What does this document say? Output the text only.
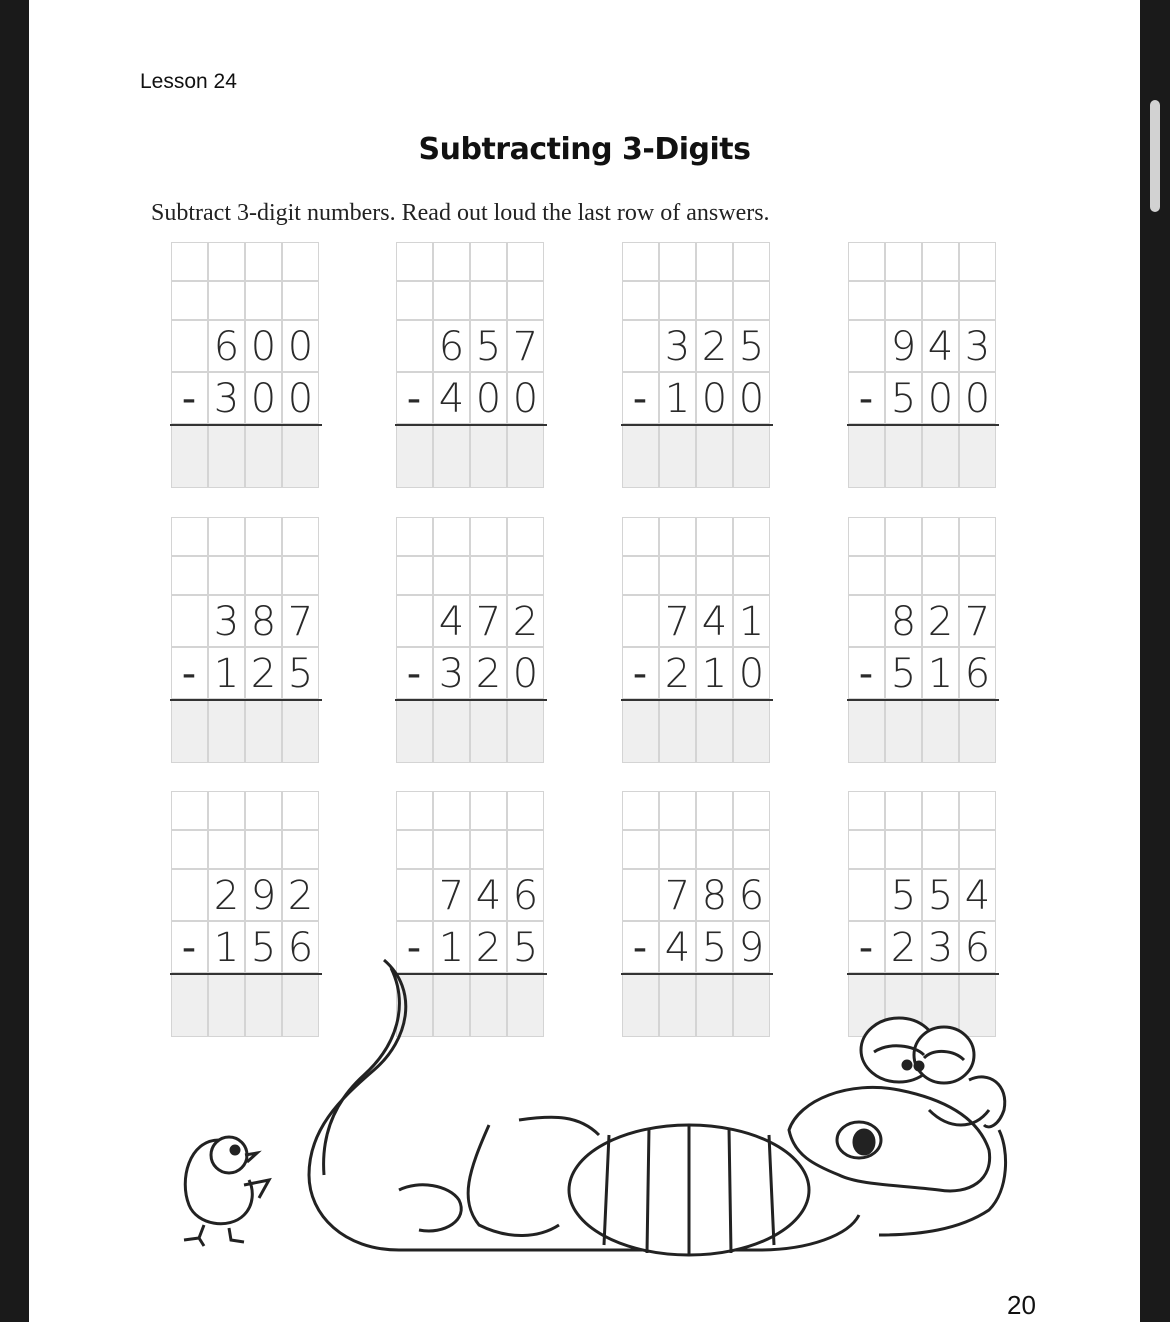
Lesson 24
Subtracting 3-Digits
Subtract 3-digit numbers. Read out loud the last row of answers.
6 0 0
- 3 0 0
6 5 7
- 4 0 0
3 2 5
- 1 0 0
9 4 3
- 5 0 0
3 8 7
- 1 2 5
4 7 2
- 3 2 0
7 4 1
- 2 1 0
8 2 7
- 5 1 6
2 9 2
- 1 5 6
7 4 6
- 1 2 5
7 8 6
- 4 5 9
5 5 4
- 2 3 6
20
